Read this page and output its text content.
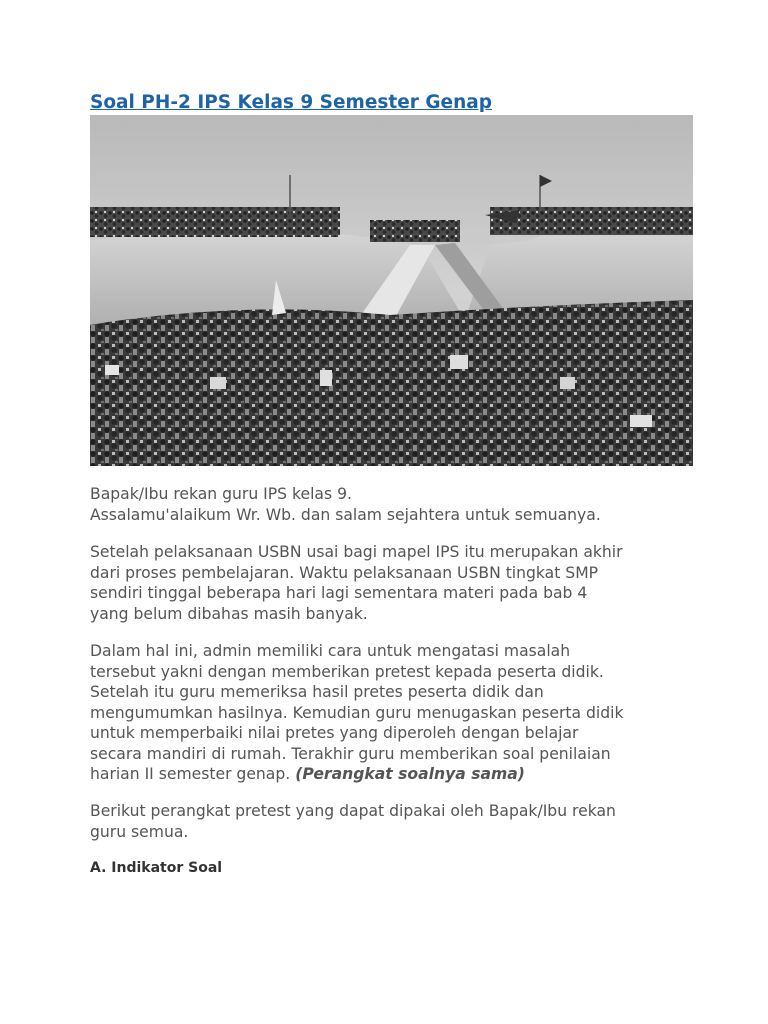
Soal PH-2 IPS Kelas 9 Semester Genap

Bapak/Ibu rekan guru IPS kelas 9.

Assalamu'alaikum Wr. Wb. dan salam sejahtera untuk semuanya.

Setelah pelaksanaan USBN usai bagi mapel IPS itu merupakan akhir

dari proses pembelajaran. Waktu pelaksanaan USBN tingkat SMP

sendiri tinggal beberapa hari lagi sementara materi pada bab 4

yang belum dibahas masih banyak.

Dalam hal ini, admin memiliki cara untuk mengatasi masalah

tersebut yakni dengan memberikan pretest kepada peserta didik.

Setelah itu guru memeriksa hasil pretes peserta didik dan

mengumumkan hasilnya. Kemudian guru menugaskan peserta didik

untuk memperbaiki nilai pretes yang diperoleh dengan belajar

secara mandiri di rumah. Terakhir guru memberikan soal penilaian

harian II semester genap. (Perangkat soalnya sama)

Berikut perangkat pretest yang dapat dipakai oleh Bapak/Ibu rekan

guru semua.

A. Indikator Soal
